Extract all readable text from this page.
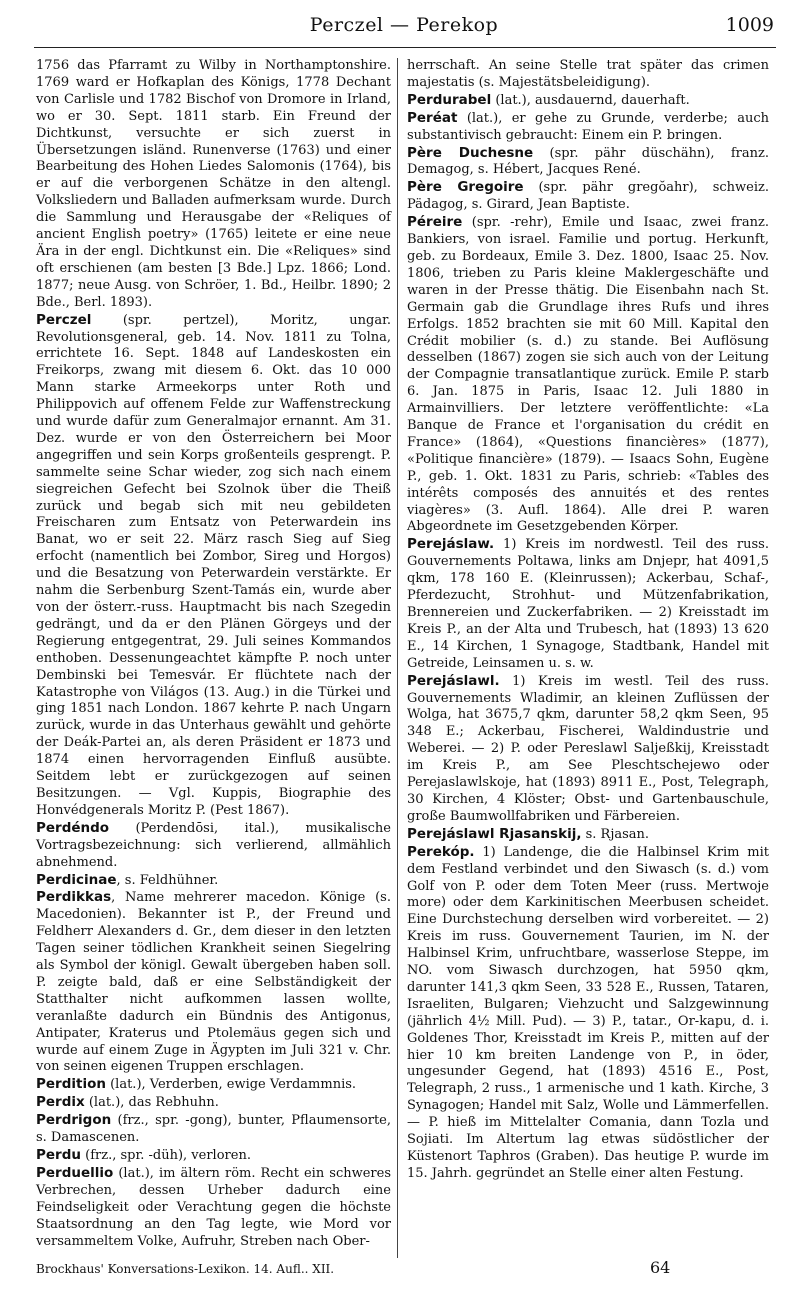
Perczel — Perekop	1009

1756 das Pfarramt zu Wilby in Northamptonshire. 1769 ward er Hofkaplan des Königs, 1778 Dechant von Carlisle und 1782 Bischof von Dromore in Irland, wo er 30. Sept. 1811 starb. Ein Freund der Dichtkunst, versuchte er sich zuerst in Übersetzungen isländ. Runenverse (1763) und einer Bearbeitung des Hohen Liedes Salomonis (1764), bis er auf die verborgenen Schätze in den altengl. Volksliedern und Balladen aufmerksam wurde. Durch die Sammlung und Herausgabe der «Reliques of ancient English poetry» (1765) leitete er eine neue Ära in der engl. Dichtkunst ein. Die «Reliques» sind oft erschienen (am besten [3 Bde.] Lpz. 1866; Lond. 1877; neue Ausg. von Schröer, 1. Bd., Heilbr. 1890; 2 Bde., Berl. 1893).

Perczel (spr. pertzel), Moritz, ungar. Revolutionsgeneral, geb. 14. Nov. 1811 zu Tolna, errichtete 16. Sept. 1848 auf Landeskosten ein Freikorps, zwang mit diesem 6. Okt. das 10 000 Mann starke Armeekorps unter Roth und Philippovich auf offenem Felde zur Waffenstreckung und wurde dafür zum Generalmajor ernannt. Am 31. Dez. wurde er von den Österreichern bei Moor angegriffen und sein Korps großenteils gesprengt. P. sammelte seine Schar wieder, zog sich nach einem siegreichen Gefecht bei Szolnok über die Theiß zurück und begab sich mit neu gebildeten Freischaren zum Entsatz von Peterwardein ins Banat, wo er seit 22. März rasch Sieg auf Sieg erfocht (namentlich bei Zombor, Sireg und Horgos) und die Besatzung von Peterwardein verstärkte. Er nahm die Serbenburg Szent-Tamás ein, wurde aber von der österr.-russ. Hauptmacht bis nach Szegedin gedrängt, und da er den Plänen Görgeys und der Regierung entgegentrat, 29. Juli seines Kommandos enthoben. Dessenungeachtet kämpfte P. noch unter Dembinski bei Temesvár. Er flüchtete nach der Katastrophe von Világos (13. Aug.) in die Türkei und ging 1851 nach London. 1867 kehrte P. nach Ungarn zurück, wurde in das Unterhaus gewählt und gehörte der Deák-Partei an, als deren Präsident er 1873 und 1874 einen hervorragenden Einfluß ausübte. Seitdem lebt er zurückgezogen auf seinen Besitzungen. — Vgl. Kuppis, Biographie des Honvédgenerals Moritz P. (Pest 1867).

Perdéndo (Perdendōsi, ital.), musikalische Vortragsbezeichnung: sich verlierend, allmählich abnehmend.

Perdicinae, s. Feldhühner.

Perdikkas, Name mehrerer macedon. Könige (s. Macedonien). Bekannter ist P., der Freund und Feldherr Alexanders d. Gr., dem dieser in den letzten Tagen seiner tödlichen Krankheit seinen Siegelring als Symbol der königl. Gewalt übergeben haben soll. P. zeigte bald, daß er eine Selbständigkeit der Statthalter nicht aufkommen lassen wollte, veranlaßte dadurch ein Bündnis des Antigonus, Antipater, Kraterus und Ptolemäus gegen sich und wurde auf einem Zuge in Ägypten im Juli 321 v. Chr. von seinen eigenen Truppen erschlagen.

Perdition (lat.), Verderben, ewige Verdammnis.

Perdix (lat.), das Rebhuhn.

Perdrigon (frz., spr. -gong), bunter, Pflaumensorte, s. Damascenen.

Perdu (frz., spr. -düh), verloren.

Perduellio (lat.), im ältern röm. Recht ein schweres Verbrechen, dessen Urheber dadurch eine Feindseligkeit oder Verachtung gegen die höchste Staatsordnung an den Tag legte, wie Mord vor versammeltem Volke, Aufruhr, Streben nach Ober-

herrschaft. An seine Stelle trat später das crimen majestatis (s. Majestätsbeleidigung).

Perdurabel (lat.), ausdauernd, dauerhaft.

Peréat (lat.), er gehe zu Grunde, verderbe; auch substantivisch gebraucht: Einem ein P. bringen.

Père Duchesne (spr. pähr düschähn), franz. Demagog, s. Hébert, Jacques René.

Père Gregoire (spr. pähr gregŏahr), schweiz. Pädagog, s. Girard, Jean Baptiste.

Péreire (spr. -rehr), Emile und Isaac, zwei franz. Bankiers, von israel. Familie und portug. Herkunft, geb. zu Bordeaux, Emile 3. Dez. 1800, Isaac 25. Nov. 1806, trieben zu Paris kleine Maklergeschäfte und waren in der Presse thätig. Die Eisenbahn nach St. Germain gab die Grundlage ihres Rufs und ihres Erfolgs. 1852 brachten sie mit 60 Mill. Kapital den Crédit mobilier (s. d.) zu stande. Bei Auflösung desselben (1867) zogen sie sich auch von der Leitung der Compagnie transatlantique zurück. Emile P. starb 6. Jan. 1875 in Paris, Isaac 12. Juli 1880 in Armainvilliers. Der letztere veröffentlichte: «La Banque de France et l'organisation du crédit en France» (1864), «Questions financières» (1877), «Politique financière» (1879). — Isaacs Sohn, Eugène P., geb. 1. Okt. 1831 zu Paris, schrieb: «Tables des intérêts composés des annuités et des rentes viagères» (3. Aufl. 1864). Alle drei P. waren Abgeordnete im Gesetzgebenden Körper.

Perejáslaw. 1) Kreis im nordwestl. Teil des russ. Gouvernements Poltawa, links am Dnjepr, hat 4091,5 qkm, 178 160 E. (Kleinrussen); Ackerbau, Schaf-, Pferdezucht, Strohhut- und Mützenfabrikation, Brennereien und Zuckerfabriken. — 2) Kreisstadt im Kreis P., an der Alta und Trubesch, hat (1893) 13 620 E., 14 Kirchen, 1 Synagoge, Stadtbank, Handel mit Getreide, Leinsamen u. s. w.

Perejáslawl. 1) Kreis im westl. Teil des russ. Gouvernements Wladimir, an kleinen Zuflüssen der Wolga, hat 3675,7 qkm, darunter 58,2 qkm Seen, 95 348 E.; Ackerbau, Fischerei, Waldindustrie und Weberei. — 2) P. oder Pereslawl Saljeßkij, Kreisstadt im Kreis P., am See Pleschtschejewo oder Perejaslawlskoje, hat (1893) 8911 E., Post, Telegraph, 30 Kirchen, 4 Klöster; Obst- und Gartenbauschule, große Baumwollfabriken und Färbereien.

Perejáslawl Rjasanskij, s. Rjasan.

Perekóp. 1) Landenge, die die Halbinsel Krim mit dem Festland verbindet und den Siwasch (s. d.) vom Golf von P. oder dem Toten Meer (russ. Mertwoje more) oder dem Karkinitischen Meerbusen scheidet. Eine Durchstechung derselben wird vorbereitet. — 2) Kreis im russ. Gouvernement Taurien, im N. der Halbinsel Krim, unfruchtbare, wasserlose Steppe, im NO. vom Siwasch durchzogen, hat 5950 qkm, darunter 141,3 qkm Seen, 33 528 E., Russen, Tataren, Israeliten, Bulgaren; Viehzucht und Salzgewinnung (jährlich 4½ Mill. Pud). — 3) P., tatar., Or-kapu, d. i. Goldenes Thor, Kreisstadt im Kreis P., mitten auf der hier 10 km breiten Landenge von P., in öder, ungesunder Gegend, hat (1893) 4516 E., Post, Telegraph, 2 russ., 1 armenische und 1 kath. Kirche, 3 Synagogen; Handel mit Salz, Wolle und Lämmerfellen. — P. hieß im Mittelalter Comania, dann Tozla und Sojiati. Im Altertum lag etwas südöstlicher der Küstenort Taphros (Graben). Das heutige P. wurde im 15. Jahrh. gegründet an Stelle einer alten Festung.

Brockhaus' Konversations-Lexikon. 14. Aufl.. XII.	64
